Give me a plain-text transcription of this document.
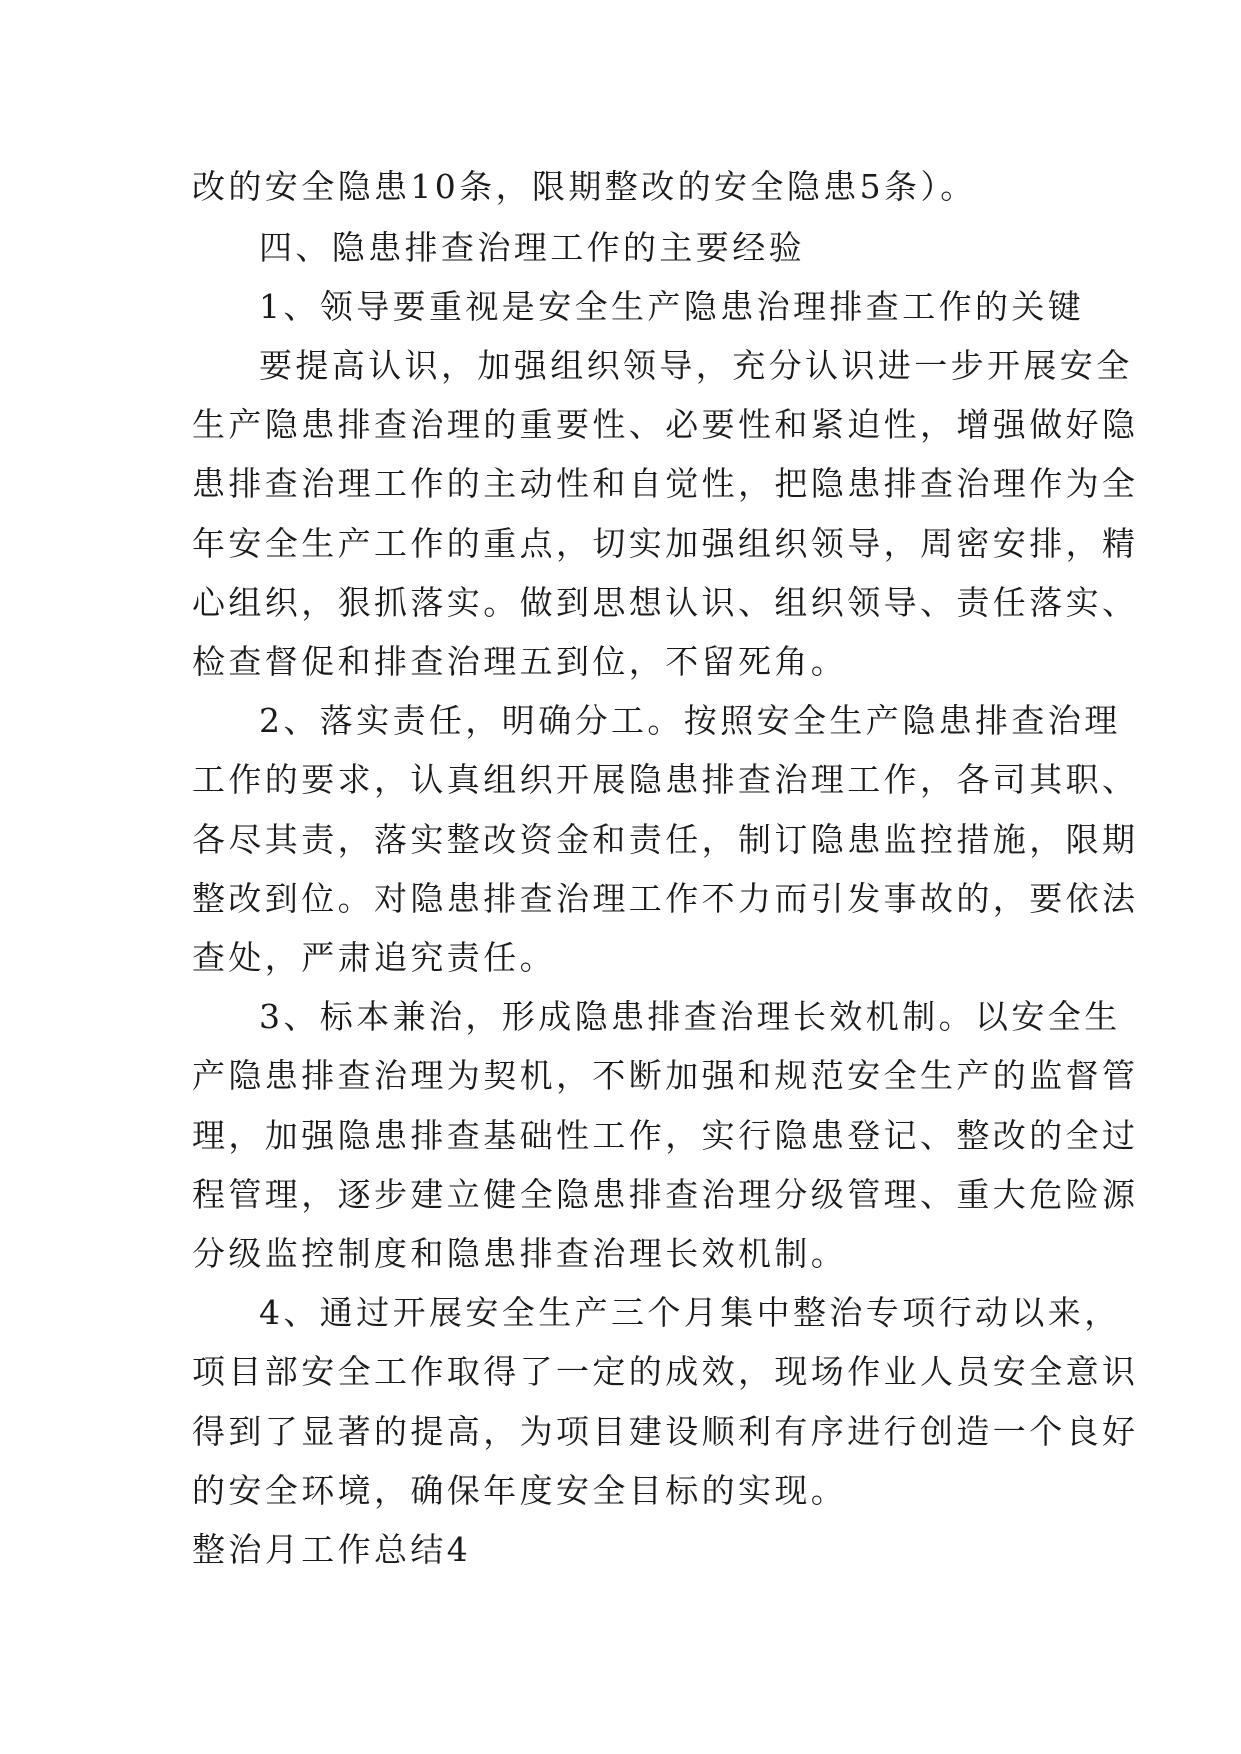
改的安全隐患10条，限期整改的安全隐患5条）。
四、隐患排查治理工作的主要经验
1、领导要重视是安全生产隐患治理排查工作的关键
要提高认识，加强组织领导，充分认识进一步开展安全
生产隐患排查治理的重要性、必要性和紧迫性，增强做好隐
患排查治理工作的主动性和自觉性，把隐患排查治理作为全
年安全生产工作的重点，切实加强组织领导，周密安排，精
心组织，狠抓落实。做到思想认识、组织领导、责任落实、
检查督促和排查治理五到位，不留死角。
2、落实责任，明确分工。按照安全生产隐患排查治理
工作的要求，认真组织开展隐患排查治理工作，各司其职、
各尽其责，落实整改资金和责任，制订隐患监控措施，限期
整改到位。对隐患排查治理工作不力而引发事故的，要依法
查处，严肃追究责任。
3、标本兼治，形成隐患排查治理长效机制。以安全生
产隐患排查治理为契机，不断加强和规范安全生产的监督管
理，加强隐患排查基础性工作，实行隐患登记、整改的全过
程管理，逐步建立健全隐患排查治理分级管理、重大危险源
分级监控制度和隐患排查治理长效机制。
4、通过开展安全生产三个月集中整治专项行动以来，
项目部安全工作取得了一定的成效，现场作业人员安全意识
得到了显著的提高，为项目建设顺利有序进行创造一个良好
的安全环境，确保年度安全目标的实现。
整治月工作总结4
